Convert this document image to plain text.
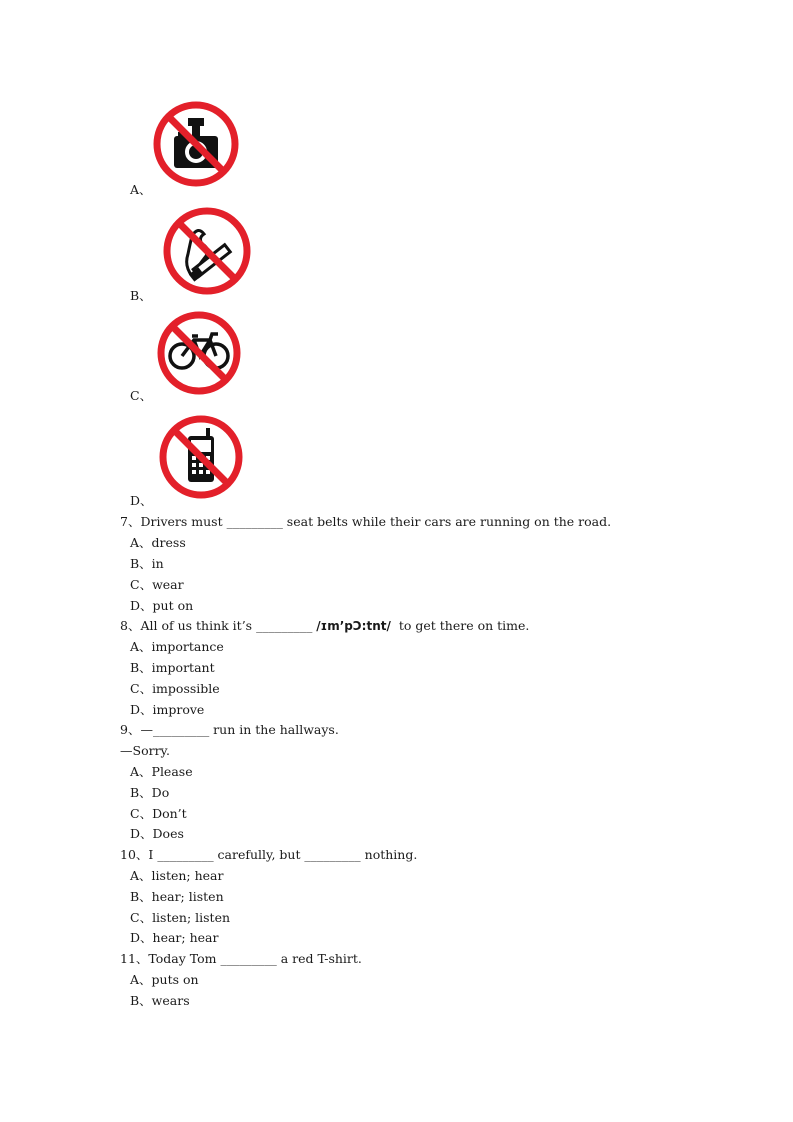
A、
B、
C、
D、
7、Drivers must _________ seat belts while their cars are running on the road.
A、dress
B、in
C、wear
D、put on
8、All of us think it’s _________ /ɪm’pƆ:tnt/  to get there on time.
A、importance
B、important
C、impossible
D、improve
9、—_________ run in the hallways.
—Sorry.
A、Please
B、Do
C、Don’t
D、Does
10、I _________ carefully, but _________ nothing.
A、listen; hear
B、hear; listen
C、listen; listen
D、hear; hear
11、Today Tom _________ a red T-shirt.
A、puts on
B、wears
